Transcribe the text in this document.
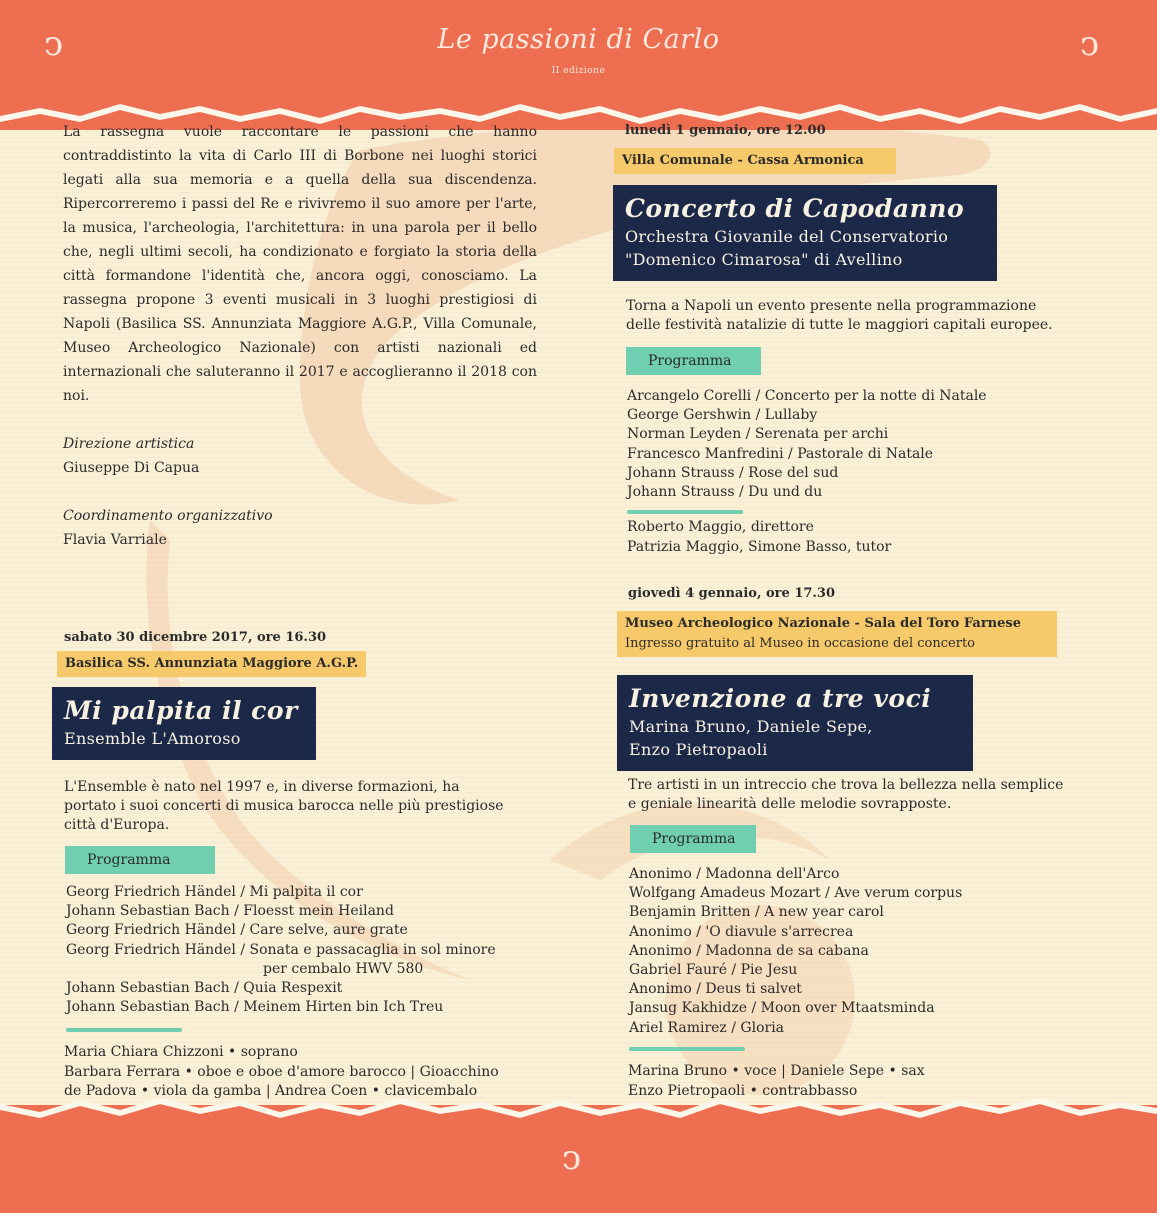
Le passioni di Carlo
II edizione
ↄ	ↄ
ↄ

La rassegna vuole raccontare le passioni che hanno contraddistinto la vita di Carlo III di Borbone nei luoghi storici legati alla sua memoria e a quella della sua discendenza. Ripercorreremo i passi del Re e rivivremo il suo amore per l'arte, la musica, l'archeologia, l'architettura: in una parola per il bello che, negli ultimi secoli, ha condizionato e forgiato la storia della città formandone l'identità che, ancora oggi, conosciamo. La rassegna propone 3 eventi musicali in 3 luoghi prestigiosi di Napoli (Basilica SS. Annunziata Maggiore A.G.P., Villa Comunale, Museo Archeologico Nazionale) con artisti nazionali ed internazionali che saluteranno il 2017 e accoglieranno il 2018 con noi.

Direzione artistica
Giuseppe Di Capua
Coordinamento organizzativo
Flavia Varriale
sabato 30 dicembre 2017, ore 16.30
Basilica SS. Annunziata Maggiore A.G.P.
Mi palpita il cor
Ensemble L'Amoroso
L'Ensemble è nato nel 1997 e, in diverse formazioni, ha
portato i suoi concerti di musica barocca nelle più prestigiose
città d'Europa.
Programma
Georg Friedrich Händel / Mi palpita il cor
Johann Sebastian Bach / Floesst mein Heiland
Georg Friedrich Händel / Care selve, aure grate
Georg Friedrich Händel / Sonata e passacaglia in sol minore
per cembalo HWV 580
Johann Sebastian Bach / Quia Respexit
Johann Sebastian Bach / Meinem Hirten bin Ich Treu
Maria Chiara Chizzoni • soprano
Barbara Ferrara • oboe e oboe d'amore barocco | Gioacchino
de Padova • viola da gamba | Andrea Coen • clavicembalo
lunedì 1 gennaio, ore 12.00
Villa Comunale - Cassa Armonica
Concerto di Capodanno
Orchestra Giovanile del Conservatorio
"Domenico Cimarosa" di Avellino
Torna a Napoli un evento presente nella programmazione
delle festività natalizie di tutte le maggiori capitali europee.
Programma
Arcangelo Corelli / Concerto per la notte di Natale
George Gershwin / Lullaby
Norman Leyden / Serenata per archi
Francesco Manfredini / Pastorale di Natale
Johann Strauss / Rose del sud
Johann Strauss / Du und du
Roberto Maggio, direttore
Patrizia Maggio, Simone Basso, tutor
giovedì 4 gennaio, ore 17.30
Museo Archeologico Nazionale - Sala del Toro Farnese
Ingresso gratuito al Museo in occasione del concerto
Invenzione a tre voci
Marina Bruno, Daniele Sepe,
Enzo Pietropaoli
Tre artisti in un intreccio che trova la bellezza nella semplice
e geniale linearità delle melodie sovrapposte.
Programma
Anonimo / Madonna dell'Arco
Wolfgang Amadeus Mozart / Ave verum corpus
Benjamin Britten / A new year carol
Anonimo / 'O diavule s'arrecrea
Anonimo / Madonna de sa cabana
Gabriel Fauré / Pie Jesu
Anonimo / Deus ti salvet
Jansug Kakhidze / Moon over Mtaatsminda
Ariel Ramirez / Gloria
Marina Bruno • voce | Daniele Sepe • sax
Enzo Pietropaoli • contrabbasso
